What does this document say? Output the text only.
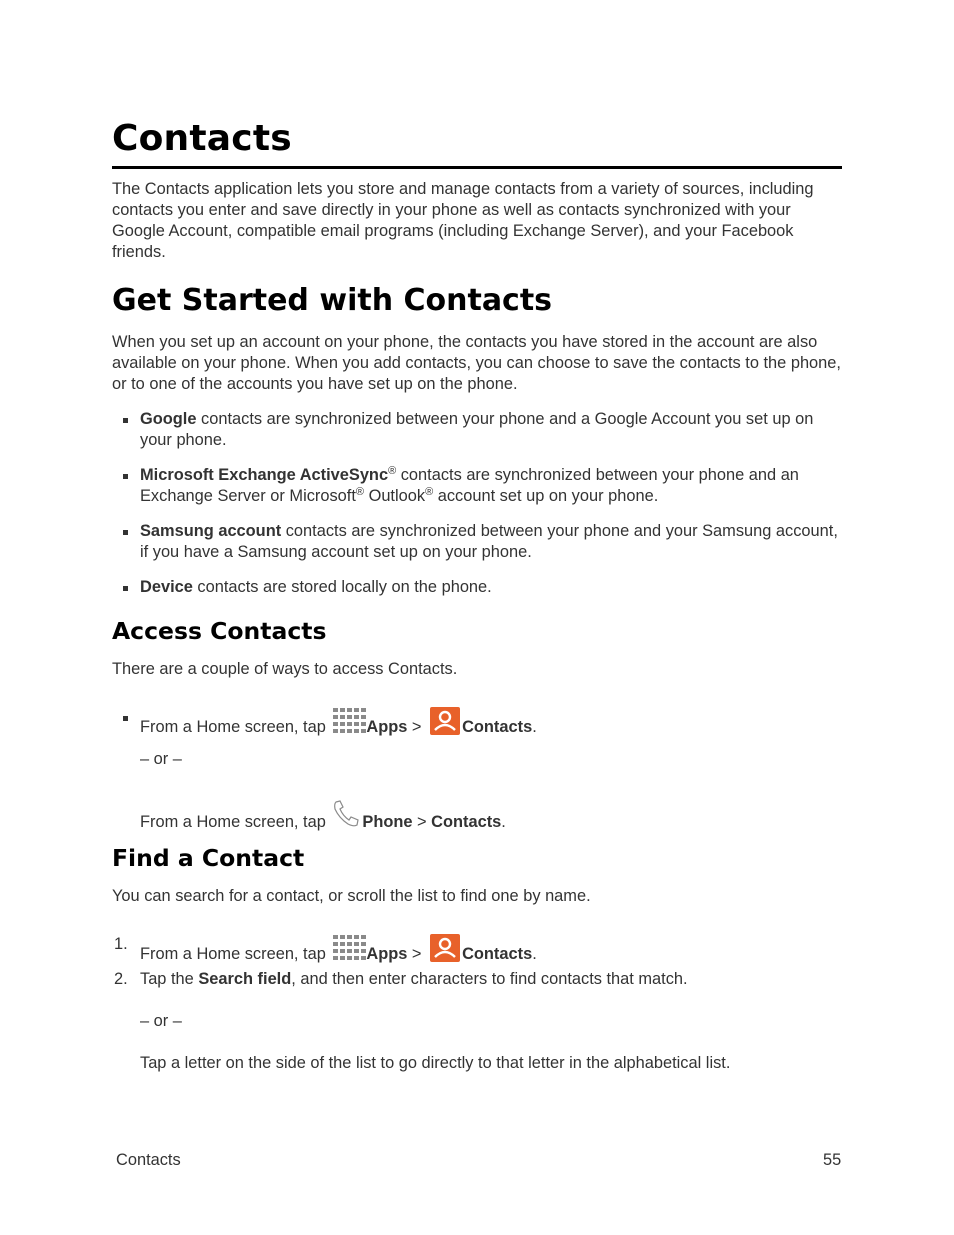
Contacts

The Contacts application lets you store and manage contacts from a variety of sources, including contacts you enter and save directly in your phone as well as contacts synchronized with your Google Account, compatible email programs (including Exchange Server), and your Facebook friends.

Get Started with Contacts

When you set up an account on your phone, the contacts you have stored in the account are also available on your phone. When you add contacts, you can choose to save the contacts to the phone, or to one of the accounts you have set up on the phone.

Google contacts are synchronized between your phone and a Google Account you set up on your phone.

Microsoft Exchange ActiveSync® contacts are synchronized between your phone and an Exchange Server or Microsoft® Outlook® account set up on your phone.

Samsung account contacts are synchronized between your phone and your Samsung account, if you have a Samsung account set up on your phone.

Device contacts are stored locally on the phone.

Access Contacts

There are a couple of ways to access Contacts.

From a Home screen, tap
Apps > Contacts.

– or –

From a Home screen, tap Phone > Contacts.

Find a Contact

You can search for a contact, or scroll the list to find one by name.

1.

From a Home screen, tap
Apps > Contacts.

2. Tap the Search field, and then enter characters to find contacts that match.

– or –

Tap a letter on the side of the list to go directly to that letter in the alphabetical list.

Contacts	55
